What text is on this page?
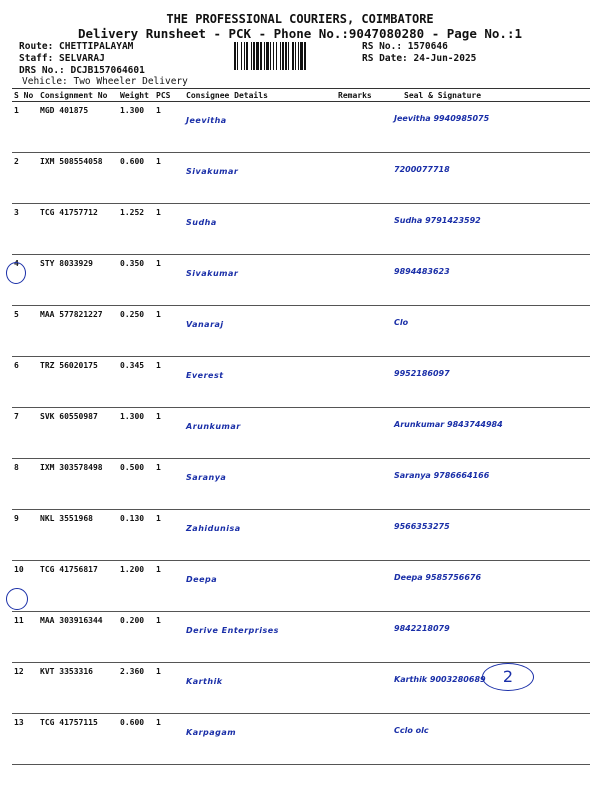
THE PROFESSIONAL COURIERS, COIMBATORE
Delivery Runsheet - PCK - Phone No.:9047080280 - Page No.:1
Route: CHETTIPALAYAM
Staff: SELVARAJ
DRS No.: DCJB157064601
Vehicle: Two Wheeler Delivery
RS No.: 1570646
RS Date: 24-Jun-2025
S No	Consignment No	Weight	PCS	Consignee Details	Remarks	Seal & Signature
1	MGD 401875	1.300	1	Jeevitha		Jeevitha 9940985075
2	IXM 508554058	0.600	1	Sivakumar		7200077718
3	TCG 41757712	1.252	1	Sudha		Sudha 9791423592
4	STY 8033929	0.350	1	Sivakumar		9894483623
5	MAA 577821227	0.250	1	Vanaraj		Clo
6	TRZ 56020175	0.345	1	Everest		9952186097
7	SVK 60550987	1.300	1	Arunkumar		Arunkumar 9843744984
8	IXM 303578498	0.500	1	Saranya		Saranya 9786664166
9	NKL 3551968	0.130	1	Zahidunisa		9566353275
10	TCG 41756817	1.200	1	Deepa		Deepa 9585756676
11	MAA 303916344	0.200	1	Derive Enterprises		9842218079
12	KVT 3353316	2.360	1	Karthik		Karthik 9003280689
13	TCG 41757115	0.600	1	Karpagam		Cclo olc
2
